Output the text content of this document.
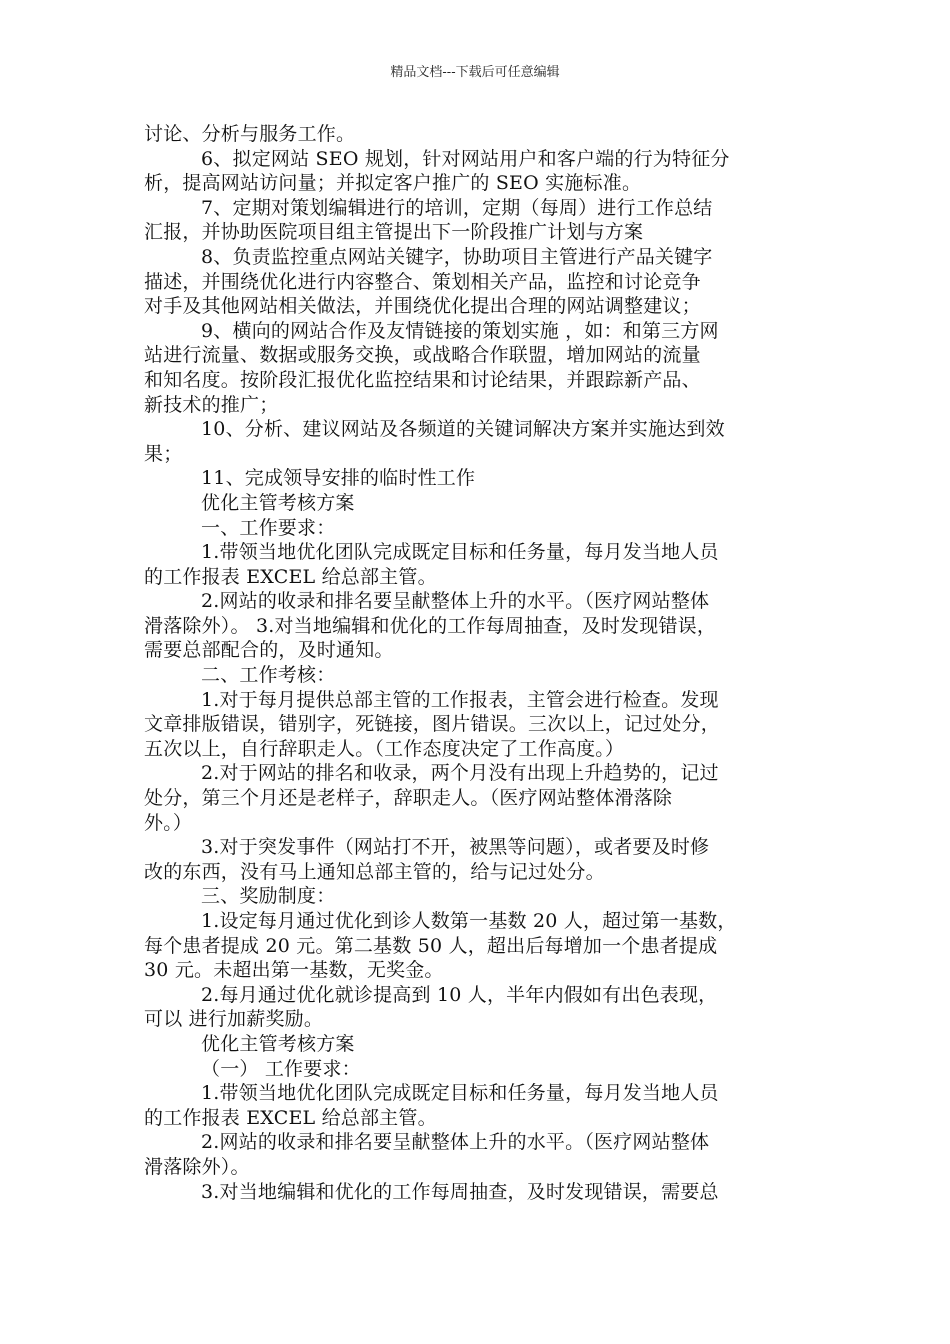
精品文档---下载后可任意编辑
讨论、分析与服务工作。
6、拟定网站 SEO 规划，针对网站用户和客户端的行为特征分
析，提高网站访问量；并拟定客户推广的 SEO 实施标准。
7、定期对策划编辑进行的培训，定期（每周）进行工作总结
汇报，并协助医院项目组主管提出下一阶段推广计划与方案
8、负责监控重点网站关键字，协助项目主管进行产品关键字
描述，并围绕优化进行内容整合、策划相关产品，监控和讨论竞争
对手及其他网站相关做法，并围绕优化提出合理的网站调整建议；
9、横向的网站合作及友情链接的策划实施 ，如：和第三方网
站进行流量、数据或服务交换，或战略合作联盟，增加网站的流量
和知名度。按阶段汇报优化监控结果和讨论结果，并跟踪新产品、
新技术的推广；
10、分析、建议网站及各频道的关键词解决方案并实施达到效
果；
11、完成领导安排的临时性工作
优化主管考核方案
一、工作要求：
1.带领当地优化团队完成既定目标和任务量，每月发当地人员
的工作报表 EXCEL 给总部主管。
2.网站的收录和排名要呈献整体上升的水平。（医疗网站整体
滑落除外）。 3.对当地编辑和优化的工作每周抽查，及时发现错误，
需要总部配合的，及时通知。
二、工作考核：
1.对于每月提供总部主管的工作报表，主管会进行检查。发现
文章排版错误，错别字，死链接，图片错误。三次以上，记过处分，
五次以上，自行辞职走人。（工作态度决定了工作高度。）
2.对于网站的排名和收录，两个月没有出现上升趋势的，记过
处分，第三个月还是老样子，辞职走人。（医疗网站整体滑落除
外。）
3.对于突发事件（网站打不开，被黑等问题），或者要及时修
改的东西，没有马上通知总部主管的，给与记过处分。
三、奖励制度：
1.设定每月通过优化到诊人数第一基数 20 人，超过第一基数，
每个患者提成 20 元。第二基数 50 人，超出后每增加一个患者提成
30 元。未超出第一基数，无奖金。
2.每月通过优化就诊提高到 10 人，半年内假如有出色表现，
可以 进行加薪奖励。
优化主管考核方案
（一） 工作要求：
1.带领当地优化团队完成既定目标和任务量，每月发当地人员
的工作报表 EXCEL 给总部主管。
2.网站的收录和排名要呈献整体上升的水平。（医疗网站整体
滑落除外）。
3.对当地编辑和优化的工作每周抽查，及时发现错误，需要总
